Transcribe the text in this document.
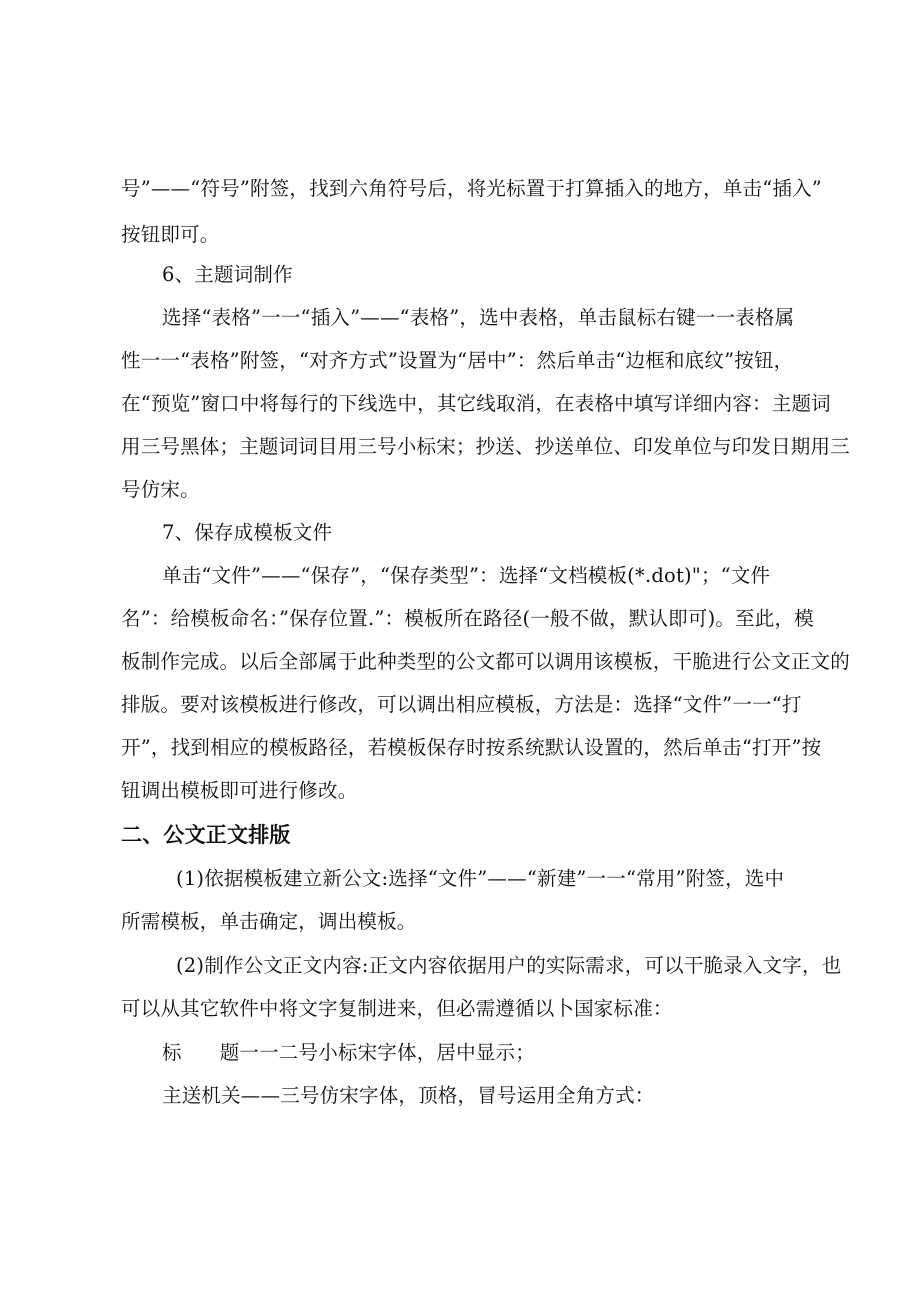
号”——“符号”附签，找到六角符号后，将光标置于打算插入的地方，单击“插入”
按钮即可。
6、主题词制作
选择“表格”一一“插入”——“表格”，选中表格，单击鼠标右键一一表格属
性一一“表格”附签，“对齐方式”设置为“居中”：然后单击“边框和底纹”按钮，
在“预览”窗口中将每行的下线选中，其它线取消，在表格中填写详细内容：主题词
用三号黑体；主题词词目用三号小标宋；抄送、抄送单位、印发单位与印发日期用三
号仿宋。
7、保存成模板文件
单击“文件”——“保存”，“保存类型”：选择“文档模板(*.dot)"；“文件
名”：给模板命名：”保存位置.”：模板所在路径(一般不做，默认即可)。至此，模
板制作完成。以后全部属于此种类型的公文都可以调用该模板，干脆进行公文正文的
排版。要对该模板进行修改，可以调出相应模板，方法是：选择“文件”一一“打
开”，找到相应的模板路径，若模板保存时按系统默认设置的，然后单击“打开”按
钮调出模板即可进行修改。
二、公文正文排版
(1)依据模板建立新公文:选择“文件”——“新建”一一“常用”附签，选中
所需模板，单击确定，调出模板。
(2)制作公文正文内容:正文内容依据用户的实际需求，可以干脆录入文字，也
可以从其它软件中将文字复制进来，但必需遵循以卜国家标准：
标 题一一二号小标宋字体，居中显示；
主送机关——三号仿宋字体，顶格，冒号运用全角方式：
